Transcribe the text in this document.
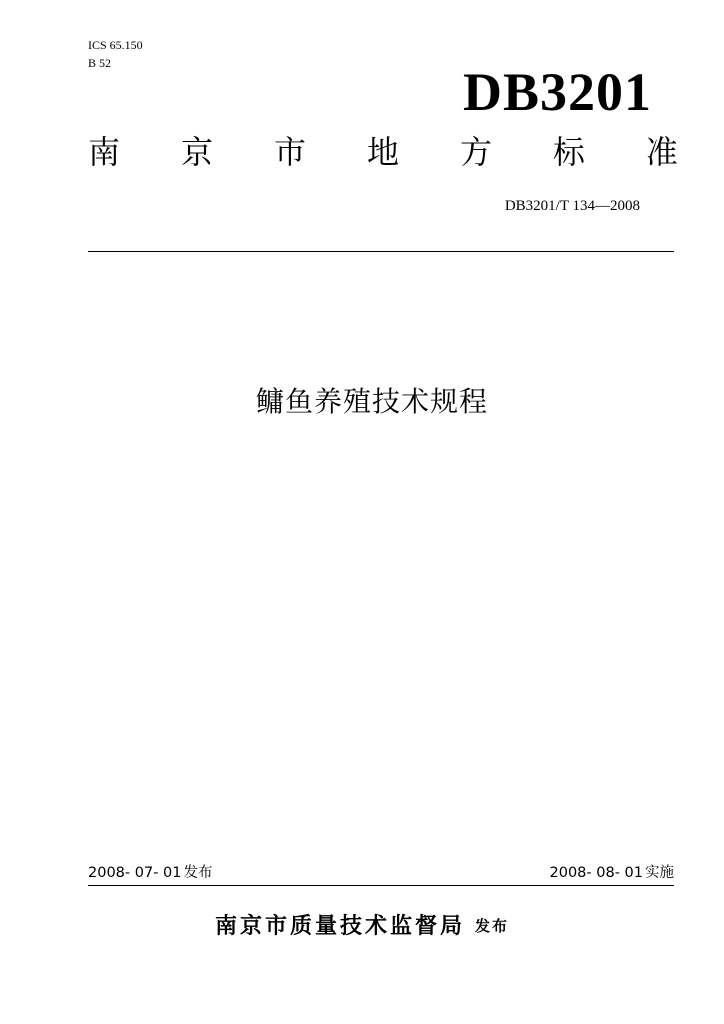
ICS 65.150
B 52	DB3201
南 京 市 地 方 标 准
DB3201/T 134—2008
鳙鱼养殖技术规程
2008- 07- 01 发布	2008- 08- 01 实施
南京市质量技术监督局 发布
